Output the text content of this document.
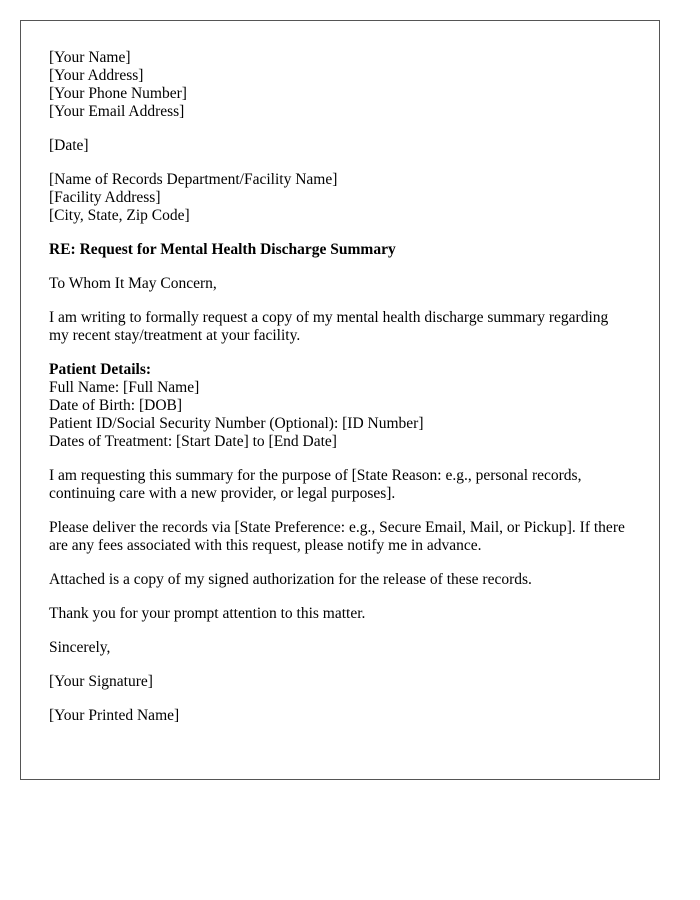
[Your Name]
[Your Address]
[Your Phone Number]
[Your Email Address]
[Date]
[Name of Records Department/Facility Name]
[Facility Address]
[City, State, Zip Code]
RE: Request for Mental Health Discharge Summary
To Whom It May Concern,
I am writing to formally request a copy of my mental health discharge summary regarding my recent stay/treatment at your facility.
Patient Details:
Full Name: [Full Name]
Date of Birth: [DOB]
Patient ID/Social Security Number (Optional): [ID Number]
Dates of Treatment: [Start Date] to [End Date]
I am requesting this summary for the purpose of [State Reason: e.g., personal records, continuing care with a new provider, or legal purposes].
Please deliver the records via [State Preference: e.g., Secure Email, Mail, or Pickup]. If there are any fees associated with this request, please notify me in advance.
Attached is a copy of my signed authorization for the release of these records.
Thank you for your prompt attention to this matter.
Sincerely,
[Your Signature]
[Your Printed Name]
